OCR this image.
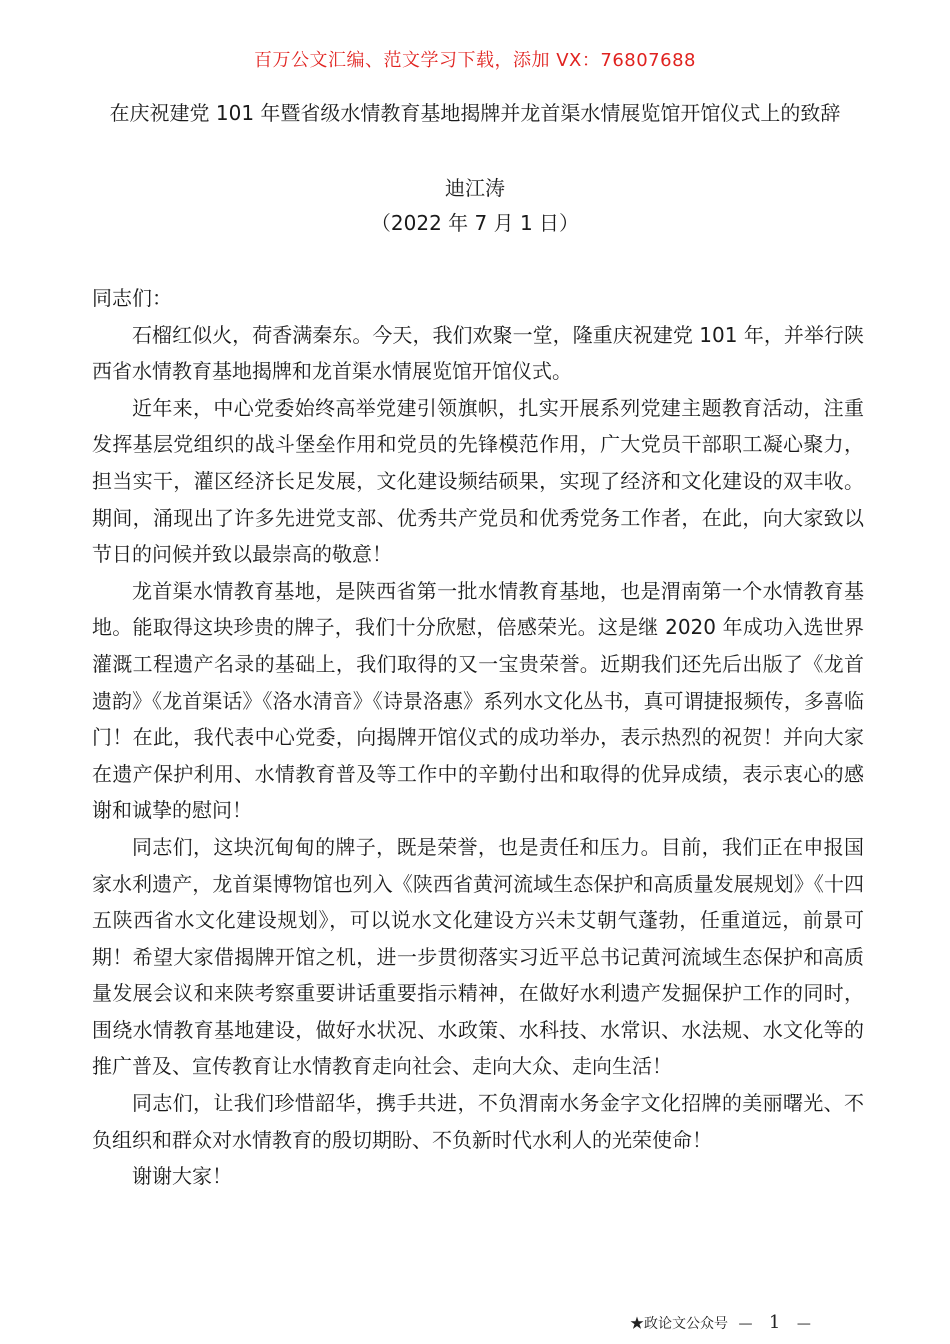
百万公文汇编、范文学习下载，添加 VX：76807688
在庆祝建党 101 年暨省级水情教育基地揭牌并龙首渠水情展览馆开馆仪式上的致辞
迪江涛
（2022 年 7 月 1 日）

同志们：

石榴红似火，荷香满秦东。今天，我们欢聚一堂，隆重庆祝建党 101 年，并举行陕西省水情教育基地揭牌和龙首渠水情展览馆开馆仪式。

近年来，中心党委始终高举党建引领旗帜，扎实开展系列党建主题教育活动，注重发挥基层党组织的战斗堡垒作用和党员的先锋模范作用，广大党员干部职工凝心聚力，担当实干，灌区经济长足发展，文化建设频结硕果，实现了经济和文化建设的双丰收。期间，涌现出了许多先进党支部、优秀共产党员和优秀党务工作者，在此，向大家致以节日的问候并致以最崇高的敬意！

龙首渠水情教育基地，是陕西省第一批水情教育基地，也是渭南第一个水情教育基地。能取得这块珍贵的牌子，我们十分欣慰，倍感荣光。这是继 2020 年成功入选世界灌溉工程遗产名录的基础上，我们取得的又一宝贵荣誉。近期我们还先后出版了《龙首遗韵》《龙首渠话》《洛水清音》《诗景洛惠》系列水文化丛书，真可谓捷报频传，多喜临门！在此，我代表中心党委，向揭牌开馆仪式的成功举办，表示热烈的祝贺！并向大家在遗产保护利用、水情教育普及等工作中的辛勤付出和取得的优异成绩，表示衷心的感谢和诚挚的慰问！

同志们，这块沉甸甸的牌子，既是荣誉，也是责任和压力。目前，我们正在申报国家水利遗产，龙首渠博物馆也列入《陕西省黄河流域生态保护和高质量发展规划》《十四五陕西省水文化建设规划》，可以说水文化建设方兴未艾朝气蓬勃，任重道远，前景可期！希望大家借揭牌开馆之机，进一步贯彻落实习近平总书记黄河流域生态保护和高质量发展会议和来陕考察重要讲话重要指示精神，在做好水利遗产发掘保护工作的同时，围绕水情教育基地建设，做好水状况、水政策、水科技、水常识、水法规、水文化等的推广普及、宣传教育让水情教育走向社会、走向大众、走向生活！

同志们，让我们珍惜韶华，携手共进，不负渭南水务金字文化招牌的美丽曙光、不负组织和群众对水情教育的殷切期盼、不负新时代水利人的光荣使命！

谢谢大家！

★政论文公众号 — 1 —
